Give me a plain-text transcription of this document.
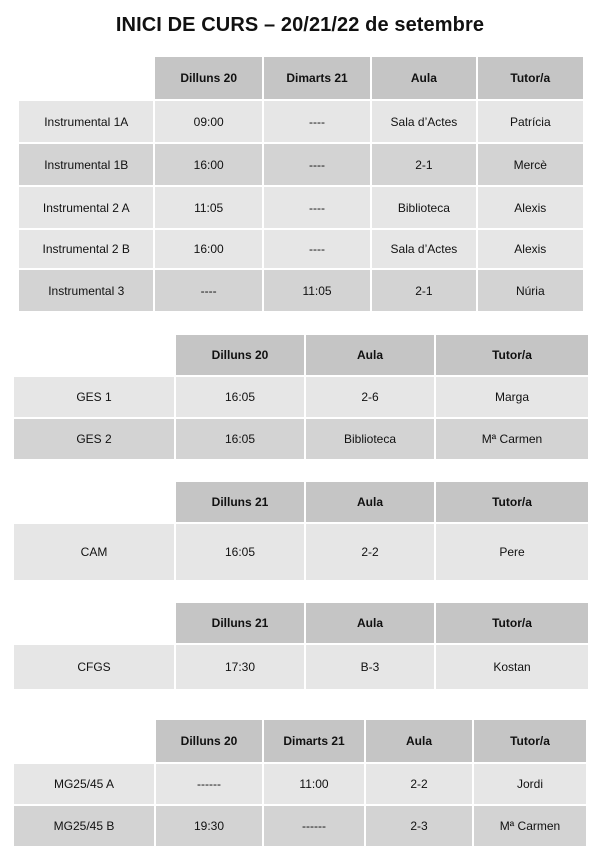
INICI DE CURS – 20/21/22 de setembre
	Dilluns 20	Dimarts 21	Aula	Tutor/a
Instrumental 1A	09:00	----	Sala d’Actes	Patrícia
Instrumental 1B	16:00	----	2-1	Mercè
Instrumental 2 A	11:05	----	Biblioteca	Alexis
Instrumental 2 B	16:00	----	Sala d’Actes	Alexis
Instrumental 3	----	11:05	2-1	Núria
	Dilluns 20	Aula	Tutor/a
GES 1	16:05	2-6	Marga
GES 2	16:05	Biblioteca	Mª Carmen
	Dilluns 21	Aula	Tutor/a
CAM	16:05	2-2	Pere
	Dilluns 21	Aula	Tutor/a
CFGS	17:30	B-3	Kostan
	Dilluns 20	Dimarts 21	Aula	Tutor/a
MG25/45 A	------	11:00	2-2	Jordi
MG25/45 B	19:30	------	2-3	Mª Carmen
